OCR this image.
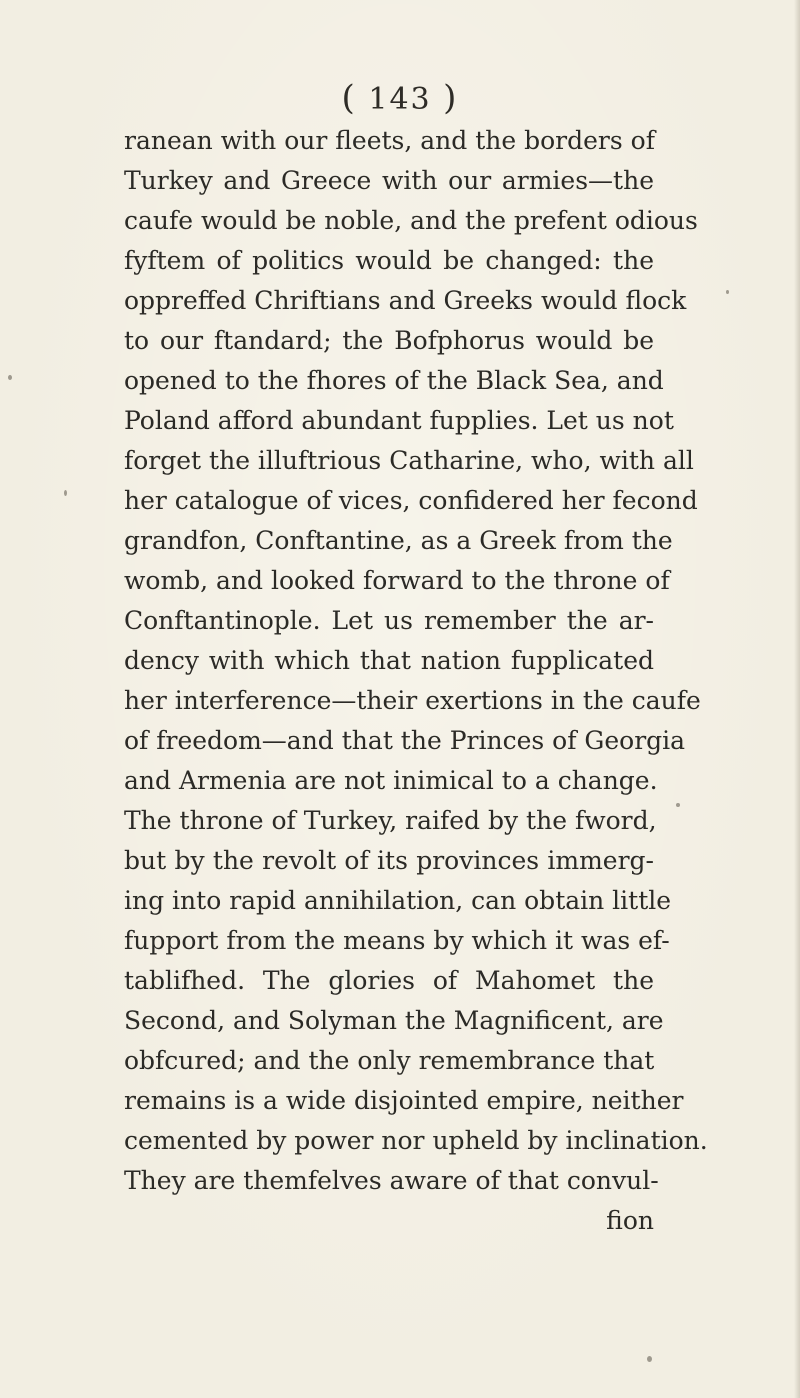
( 143 )
ranean with our fleets, and the borders of
Turkey and Greece with our armies—the
caufe would be noble, and the prefent odious
fyftem of politics would be changed: the
oppreffed Chriftians and Greeks would flock
to our ftandard; the Bofphorus would be
opened to the fhores of the Black Sea, and
Poland afford abundant fupplies. Let us not
forget the illuftrious Catharine, who, with all
her catalogue of vices, confidered her fecond
grandfon, Conftantine, as a Greek from the
womb, and looked forward to the throne of
Conftantinople. Let us remember the ar-
dency with which that nation fupplicated
her interference—their exertions in the caufe
of freedom—and that the Princes of Georgia
and Armenia are not inimical to a change.
The throne of Turkey, raifed by the fword,
but by the revolt of its provinces immerg-
ing into rapid annihilation, can obtain little
fupport from the means by which it was ef-
tablifhed. The glories of Mahomet the
Second, and Solyman the Magnificent, are
obfcured; and the only remembrance that
remains is a wide disjointed empire, neither
cemented by power nor upheld by inclination.
They are themfelves aware of that convul-
fion
